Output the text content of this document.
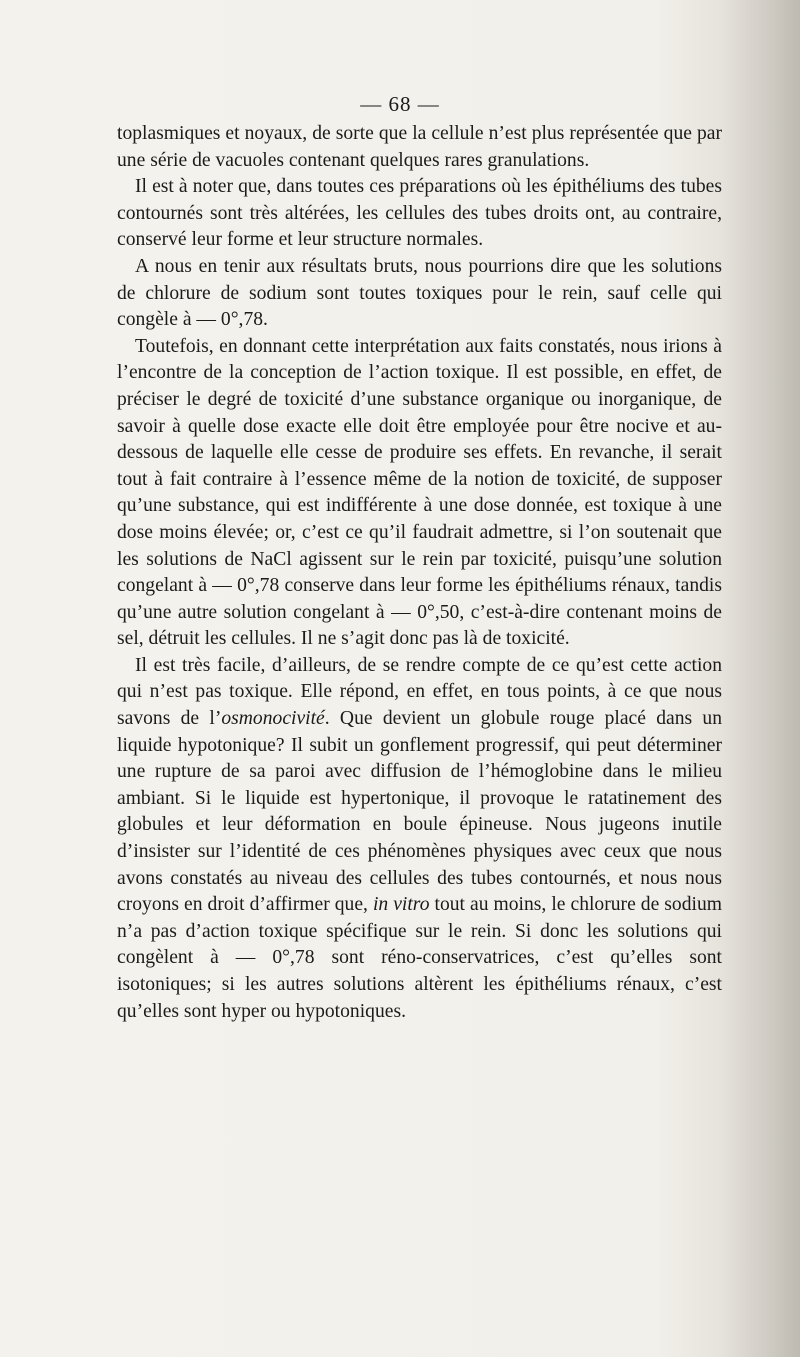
— 68 —

toplasmiques et noyaux, de sorte que la cellule n’est plus représentée que par une série de vacuoles contenant quelques rares granulations.

Il est à noter que, dans toutes ces préparations où les épithéliums des tubes contournés sont très altérées, les cellules des tubes droits ont, au contraire, conservé leur forme et leur structure normales.

A nous en tenir aux résultats bruts, nous pourrions dire que les solutions de chlorure de sodium sont toutes toxiques pour le rein, sauf celle qui congèle à — 0°,78.

Toutefois, en donnant cette interprétation aux faits constatés, nous irions à l’encontre de la conception de l’action toxique. Il est possible, en effet, de préciser le degré de toxicité d’une substance organique ou inorganique, de savoir à quelle dose exacte elle doit être employée pour être nocive et au-dessous de laquelle elle cesse de produire ses effets. En revanche, il serait tout à fait contraire à l’essence même de la notion de toxicité, de supposer qu’une substance, qui est indifférente à une dose donnée, est toxique à une dose moins élevée; or, c’est ce qu’il faudrait admettre, si l’on soutenait que les solutions de NaCl agissent sur le rein par toxicité, puisqu’une solution congelant à — 0°,78 conserve dans leur forme les épithéliums rénaux, tandis qu’une autre solution congelant à — 0°,50, c’est-à-dire contenant moins de sel, détruit les cellules. Il ne s’agit donc pas là de toxicité.

Il est très facile, d’ailleurs, de se rendre compte de ce qu’est cette action qui n’est pas toxique. Elle répond, en effet, en tous points, à ce que nous savons de l’osmonocivité. Que devient un globule rouge placé dans un liquide hypotonique? Il subit un gonflement progressif, qui peut déterminer une rupture de sa paroi avec diffusion de l’hémoglobine dans le milieu ambiant. Si le liquide est hypertonique, il provoque le ratatinement des globules et leur déformation en boule épineuse. Nous jugeons inutile d’insister sur l’identité de ces phénomènes physiques avec ceux que nous avons constatés au niveau des cellules des tubes contournés, et nous nous croyons en droit d’affirmer que, in vitro tout au moins, le chlorure de sodium n’a pas d’action toxique spécifique sur le rein. Si donc les solutions qui congèlent à — 0°,78 sont réno-conservatrices, c’est qu’elles sont isotoniques; si les autres solutions altèrent les épithéliums rénaux, c’est qu’elles sont hyper ou hypotoniques.
